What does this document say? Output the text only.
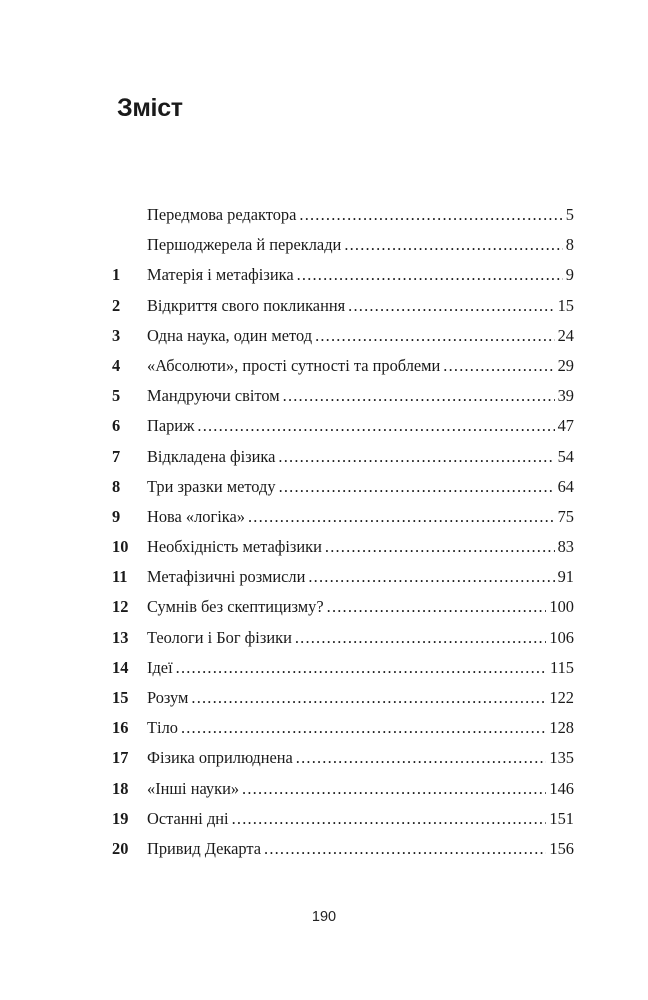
Зміст
Передмова редактора .....	5
Першоджерела й переклади .....	8
1	Матерія і метафізика .....	9
2	Відкриття свого покликання .....	15
3	Одна наука, один метод .....	24
4	«Абсолюти», прості сутності та проблеми .....	29
5	Мандруючи світом .....	39
6	Париж .....	47
7	Відкладена фізика .....	54
8	Три зразки методу .....	64
9	Нова «логіка» .....	75
10	Необхідність метафізики .....	83
11	Метафізичні розмисли .....	91
12	Сумнів без скептицизму? .....	100
13	Теологи і Бог фізики .....	106
14	Ідеї .....	115
15	Розум .....	122
16	Тіло .....	128
17	Фізика оприлюднена .....	135
18	«Інші науки» .....	146
19	Останні дні .....	151
20	Привид Декарта .....	156
190
